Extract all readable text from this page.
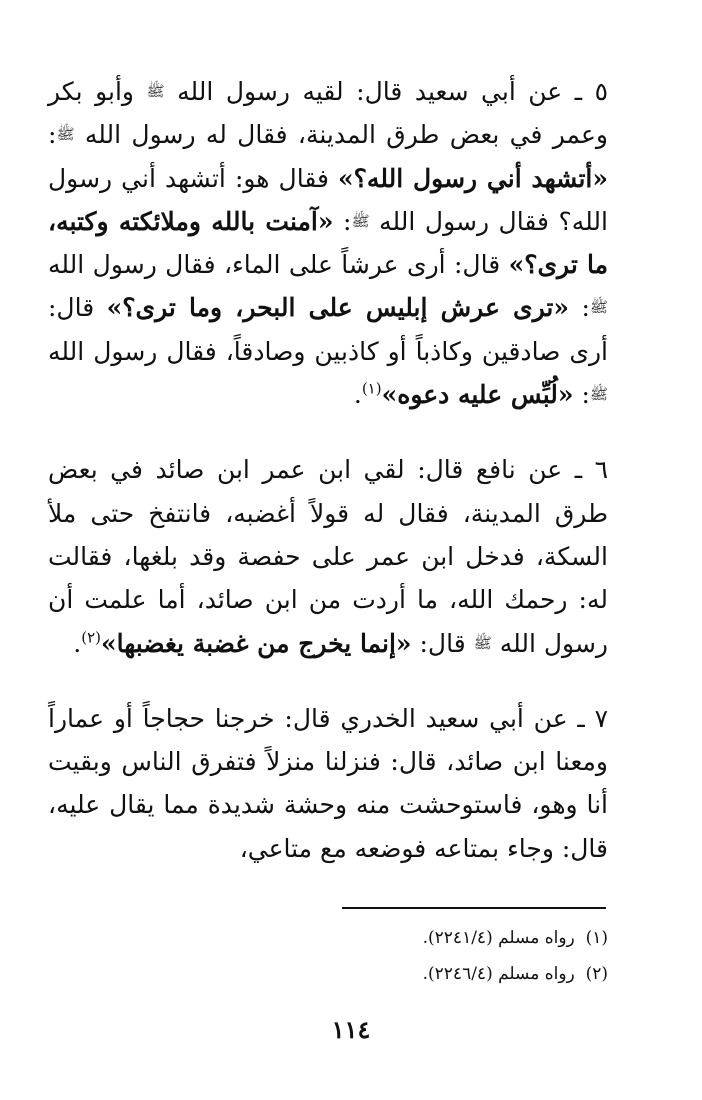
٥ ـ عن أبي سعيد قال: لقيه رسول الله ﷺ وأبو بكر وعمر في بعض طرق المدينة، فقال له رسول الله ﷺ: «أتشهد أني رسول الله؟» فقال هو: أتشهد أني رسول الله؟ فقال رسول الله ﷺ: «آمنت بالله وملائكته وكتبه، ما ترى؟» قال: أرى عرشاً على الماء، فقال رسول الله ﷺ: «ترى عرش إبليس على البحر، وما ترى؟» قال: أرى صادقين وكاذباً أو كاذبين وصادقاً، فقال رسول الله ﷺ: «لُبِّس عليه دعوه»$^{(١)}$.

٦ ـ عن نافع قال: لقي ابن عمر ابن صائد في بعض طرق المدينة، فقال له قولاً أغضبه، فانتفخ حتى ملأ السكة، فدخل ابن عمر على حفصة وقد بلغها، فقالت له: رحمك الله، ما أردت من ابن صائد، أما علمت أن رسول الله ﷺ قال: «إنما يخرج من غضبة يغضبها»$^{(٢)}$.

٧ ـ عن أبي سعيد الخدري قال: خرجنا حجاجاً أو عماراً ومعنا ابن صائد، قال: فنزلنا منزلاً فتفرق الناس وبقيت أنا وهو، فاستوحشت منه وحشة شديدة مما يقال عليه، قال: وجاء بمتاعه فوضعه مع متاعي،

(١)  رواه مسلم (٢٢٤١/٤).

(٢)  رواه مسلم (٢٢٤٦/٤).

١١٤
